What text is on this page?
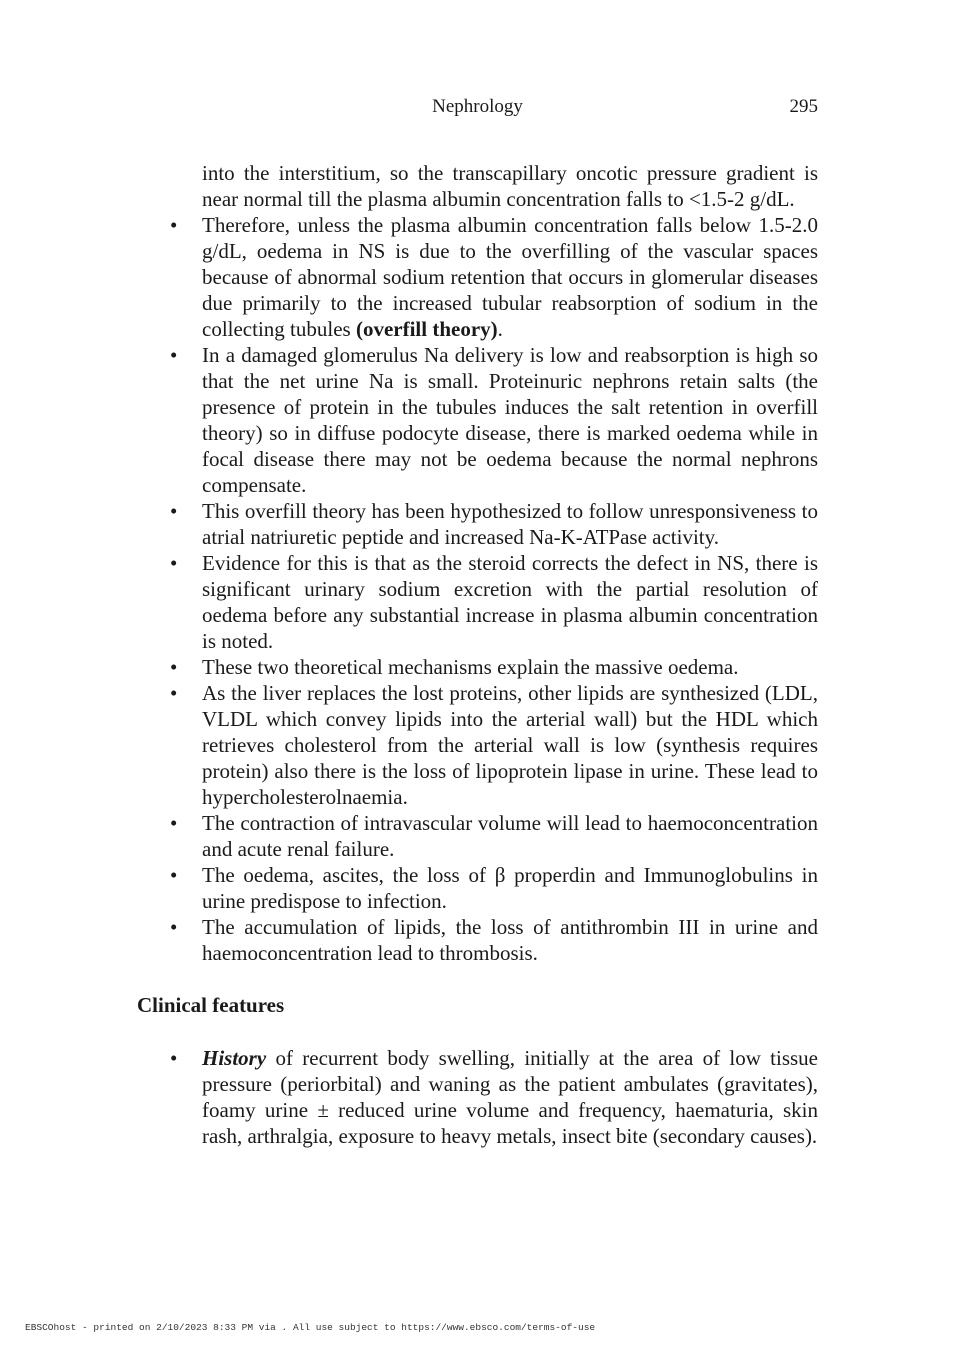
Nephrology	295
into the interstitium, so the transcapillary oncotic pressure gradient is near normal till the plasma albumin concentration falls to <1.5-2 g/dL.
• Therefore, unless the plasma albumin concentration falls below 1.5-2.0 g/dL, oedema in NS is due to the overfilling of the vascular spaces because of abnormal sodium retention that occurs in glomerular diseases due primarily to the increased tubular reabsorption of sodium in the collecting tubules (overfill theory).
• In a damaged glomerulus Na delivery is low and reabsorption is high so that the net urine Na is small. Proteinuric nephrons retain salts (the presence of protein in the tubules induces the salt retention in overfill theory) so in diffuse podocyte disease, there is marked oedema while in focal disease there may not be oedema because the normal nephrons compensate.
• This overfill theory has been hypothesized to follow unresponsiveness to atrial natriuretic peptide and increased Na-K-ATPase activity.
• Evidence for this is that as the steroid corrects the defect in NS, there is significant urinary sodium excretion with the partial resolution of oedema before any substantial increase in plasma albumin concentration is noted.
• These two theoretical mechanisms explain the massive oedema.
• As the liver replaces the lost proteins, other lipids are synthesized (LDL, VLDL which convey lipids into the arterial wall) but the HDL which retrieves cholesterol from the arterial wall is low (synthesis requires protein) also there is the loss of lipoprotein lipase in urine. These lead to hypercholesterolnaemia.
• The contraction of intravascular volume will lead to haemoconcentration and acute renal failure.
• The oedema, ascites, the loss of β properdin and Immunoglobulins in urine predispose to infection.
• The accumulation of lipids, the loss of antithrombin III in urine and haemoconcentration lead to thrombosis.
Clinical features
• History of recurrent body swelling, initially at the area of low tissue pressure (periorbital) and waning as the patient ambulates (gravitates), foamy urine ± reduced urine volume and frequency, haematuria, skin rash, arthralgia, exposure to heavy metals, insect bite (secondary causes).
EBSCOhost - printed on 2/10/2023 8:33 PM via . All use subject to https://www.ebsco.com/terms-of-use
